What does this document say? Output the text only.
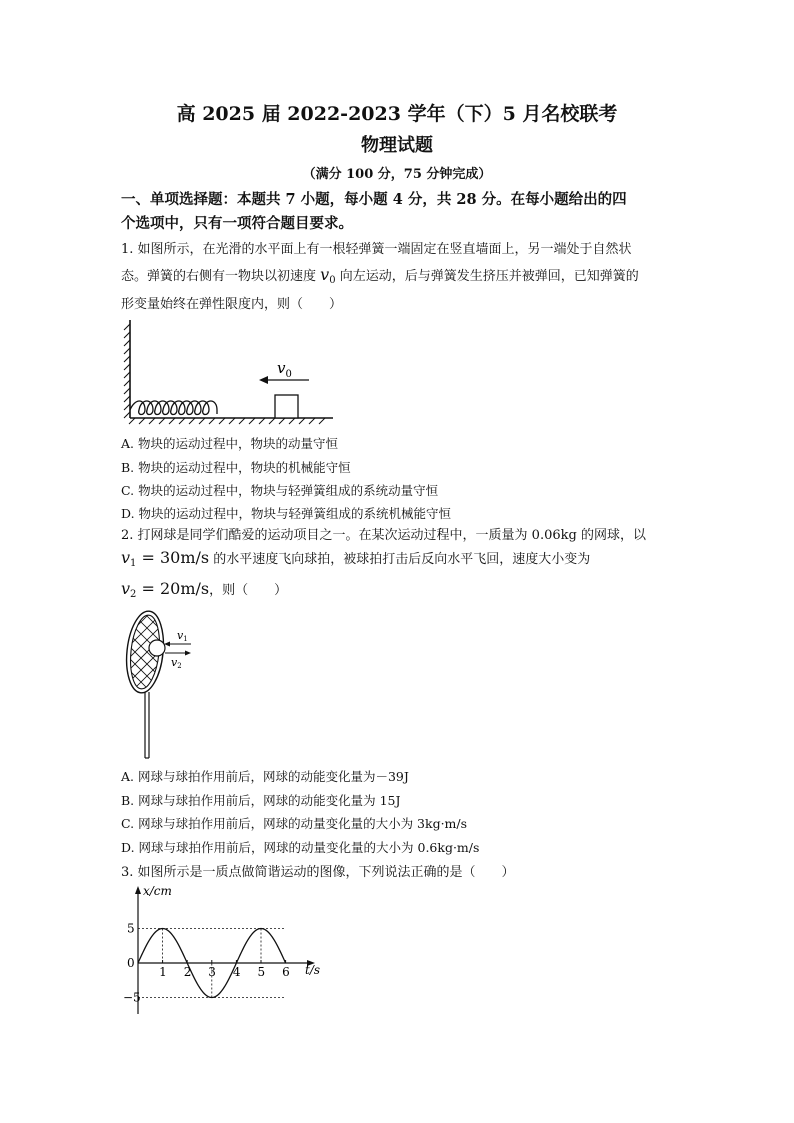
高 2025 届 2022-2023 学年（下）5 月名校联考
物理试题
（满分 100 分，75 分钟完成）
一、单项选择题：本题共 7 小题，每小题 4 分，共 28 分。在每小题给出的四
个选项中，只有一项符合题目要求。
1. 如图所示，在光滑的水平面上有一根轻弹簧一端固定在竖直墙面上，另一端处于自然状
态。弹簧的右侧有一物块以初速度 $v_0$ 向左运动，后与弹簧发生挤压并被弹回，已知弹簧的
形变量始终在弹性限度内，则（　　）
$v_0$
A. 物块的运动过程中，物块的动量守恒
B. 物块的运动过程中，物块的机械能守恒
C. 物块的运动过程中，物块与轻弹簧组成的系统动量守恒
D. 物块的运动过程中，物块与轻弹簧组成的系统机械能守恒
2. 打网球是同学们酷爱的运动项目之一。在某次运动过程中，一质量为 0.06kg 的网球，以
$v_1 = 30m/s$ 的水平速度飞向球拍，被球拍打击后反向水平飞回，速度大小变为
$v_2 = 20m/s$，则（　　）
v1
v2
A. 网球与球拍作用前后，网球的动能变化量为－39J
B. 网球与球拍作用前后，网球的动能变化量为 15J
C. 网球与球拍作用前后，网球的动量变化量的大小为 3kg·m/s
D. 网球与球拍作用前后，网球的动量变化量的大小为 0.6kg·m/s
3. 如图所示是一质点做简谐运动的图像，下列说法正确的是（　　）
x/cm
t/s
1 2 3 4 5 6
5
0
−5
